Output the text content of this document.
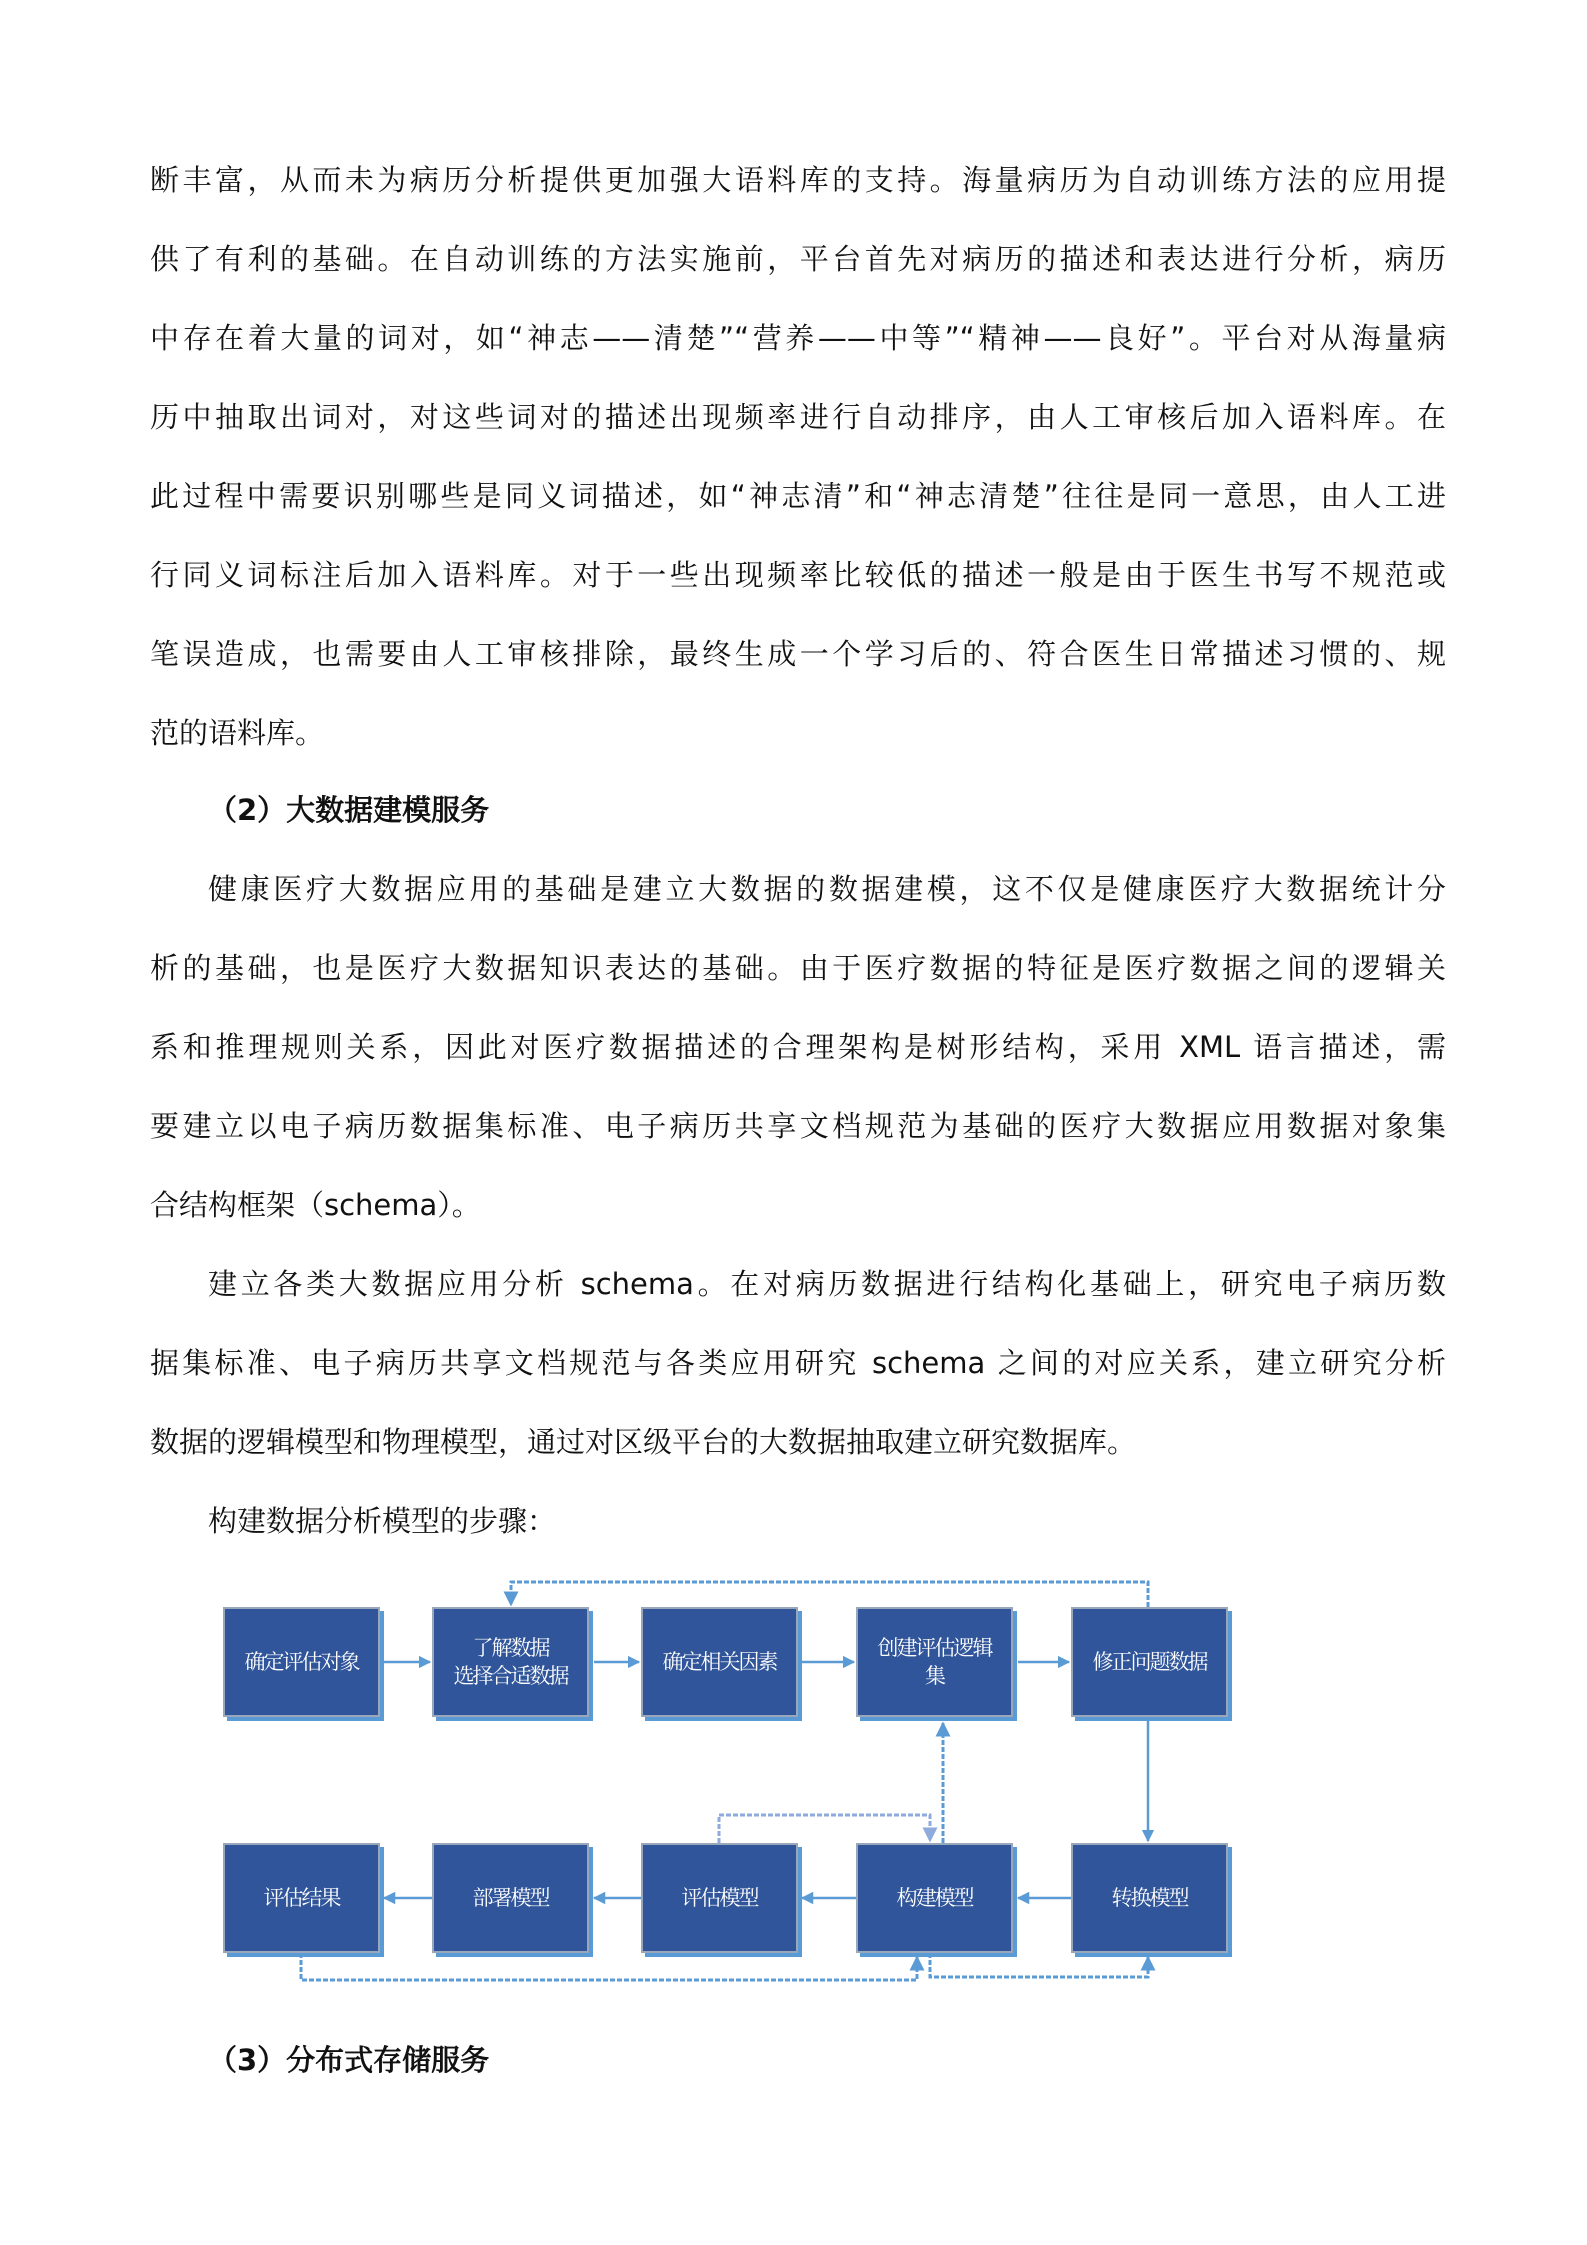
断丰富，从而未为病历分析提供更加强大语料库的支持。海量病历为自动训练方法的应用提
供了有利的基础。在自动训练的方法实施前，平台首先对病历的描述和表达进行分析，病历
中存在着大量的词对，如“神志——清楚”“营养——中等”“精神——良好”。平台对从海量病
历中抽取出词对，对这些词对的描述出现频率进行自动排序，由人工审核后加入语料库。在
此过程中需要识别哪些是同义词描述，如“神志清”和“神志清楚”往往是同一意思，由人工进
行同义词标注后加入语料库。对于一些出现频率比较低的描述一般是由于医生书写不规范或
笔误造成，也需要由人工审核排除，最终生成一个学习后的、符合医生日常描述习惯的、规
范的语料库。
（2）大数据建模服务
健康医疗大数据应用的基础是建立大数据的数据建模，这不仅是健康医疗大数据统计分
析的基础，也是医疗大数据知识表达的基础。由于医疗数据的特征是医疗数据之间的逻辑关
系和推理规则关系，因此对医疗数据描述的合理架构是树形结构，采用 XML 语言描述，需
要建立以电子病历数据集标准、电子病历共享文档规范为基础的医疗大数据应用数据对象集
合结构框架（schema）。
建立各类大数据应用分析 schema。在对病历数据进行结构化基础上，研究电子病历数
据集标准、电子病历共享文档规范与各类应用研究 schema 之间的对应关系，建立研究分析
数据的逻辑模型和物理模型，通过对区级平台的大数据抽取建立研究数据库。
构建数据分析模型的步骤：
确定评估对象
了解数据
选择合适数据
确定相关因素
创建评估逻辑
集
修正问题数据
评估结果	部署模型	评估模型	构建模型	转换模型
（3）分布式存储服务
